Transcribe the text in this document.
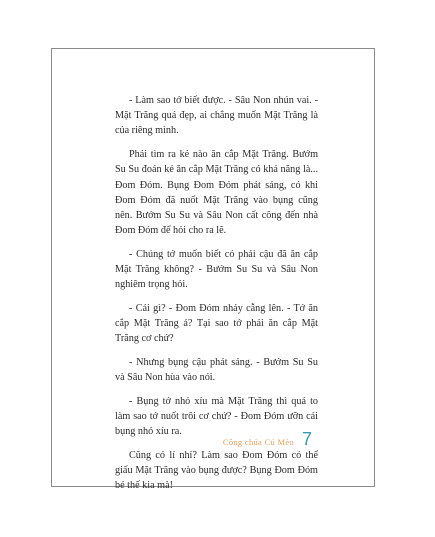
- Làm sao tớ biết được. - Sâu Non nhún vai. - Mặt Trăng quá đẹp, ai chẳng muốn Mặt Trăng là của riêng mình.

Phải tìm ra kẻ nào ăn cắp Mặt Trăng. Bướm Su Su đoán kẻ ăn cắp Mặt Trăng có khả năng là... Đom Đóm. Bụng Đom Đóm phát sáng, có khi Đom Đóm đã nuốt Mặt Trăng vào bụng cũng nên. Bướm Su Su và Sâu Non cất công đến nhà Đom Đóm để hỏi cho ra lẽ.

- Chúng tớ muốn biết có phải cậu đã ăn cắp Mặt Trăng không? - Bướm Su Su và Sâu Non nghiêm trọng hỏi.

- Cái gì? - Đom Đóm nhảy cẫng lên. - Tớ ăn cắp Mặt Trăng á? Tại sao tớ phải ăn cắp Mặt Trăng cơ chứ?

- Nhưng bụng cậu phát sáng. - Bướm Su Su và Sâu Non hùa vào nói.

- Bụng tớ nhỏ xíu mà Mặt Trăng thì quá to làm sao tớ nuốt trôi cơ chứ? - Đom Đóm ưỡn cái bụng nhỏ xíu ra.

Cũng có lí nhỉ? Làm sao Đom Đóm có thể giấu Mặt Trăng vào bụng được? Bụng Đom Đóm bé thế kia mà!

Công chúa Cú Mèo 7
